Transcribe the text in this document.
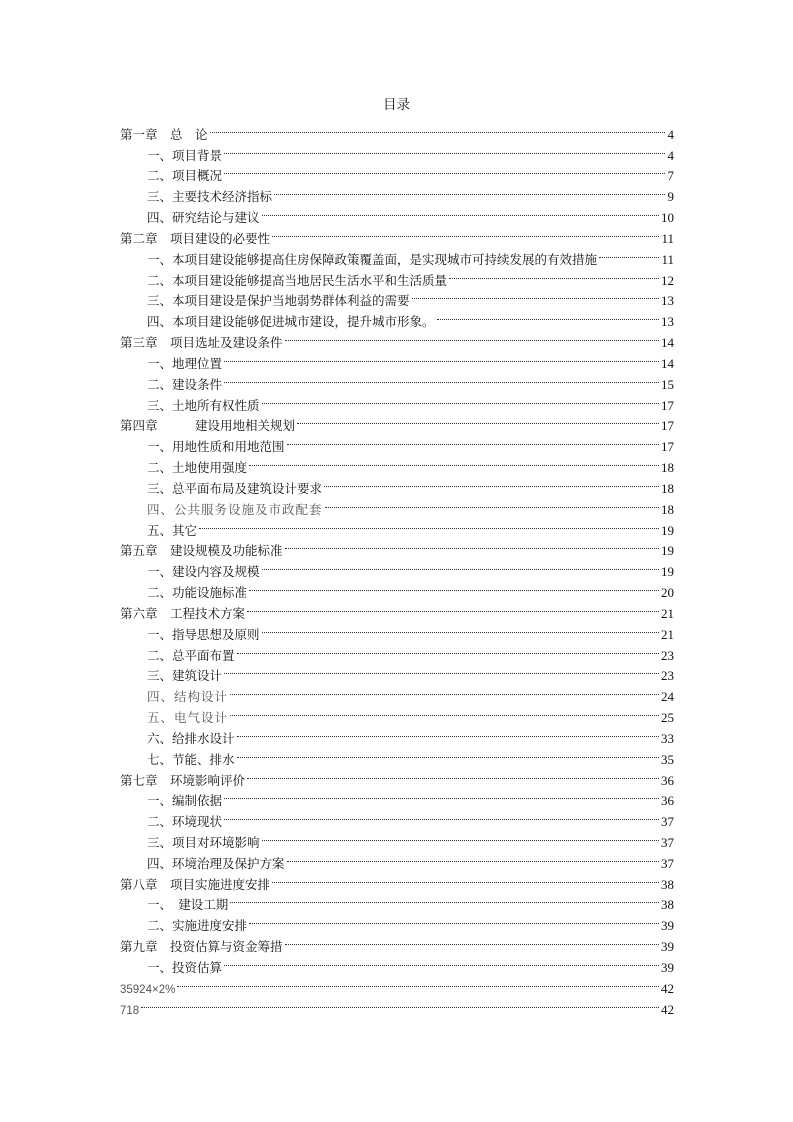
目录
第一章　总　论	4
一、项目背景	4
二、项目概况	7
三、主要技术经济指标	9
四、研究结论与建议	10
第二章　项目建设的必要性	11
一、本项目建设能够提高住房保障政策覆盖面，是实现城市可持续发展的有效措施	11
二、本项目建设能够提高当地居民生活水平和生活质量	12
三、本项目建设是保护当地弱势群体利益的需要	13
四、本项目建设能够促进城市建设，提升城市形象。	13
第三章　项目选址及建设条件	14
一、地理位置	14
二、建设条件	15
三、土地所有权性质	17
第四章　　　建设用地相关规划	17
一、用地性质和用地范围	17
二、土地使用强度	18
三、总平面布局及建筑设计要求	18
四、公共服务设施及市政配套	18
五、其它	19
第五章　建设规模及功能标准	19
一、建设内容及规模	19
二、功能设施标准	20
第六章　工程技术方案	21
一、指导思想及原则	21
二、总平面布置	23
三、建筑设计	23
四、结构设计	24
五、电气设计	25
六、给排水设计	33
七、节能、排水	35
第七章　环境影响评价	36
一、编制依据	36
二、环境现状	37
三、项目对环境影响	37
四、环境治理及保护方案	37
第八章　项目实施进度安排	38
一、　建设工期	38
二、实施进度安排	39
第九章　投资估算与资金筹措	39
一、投资估算	39
35924×2%	42
718	42
